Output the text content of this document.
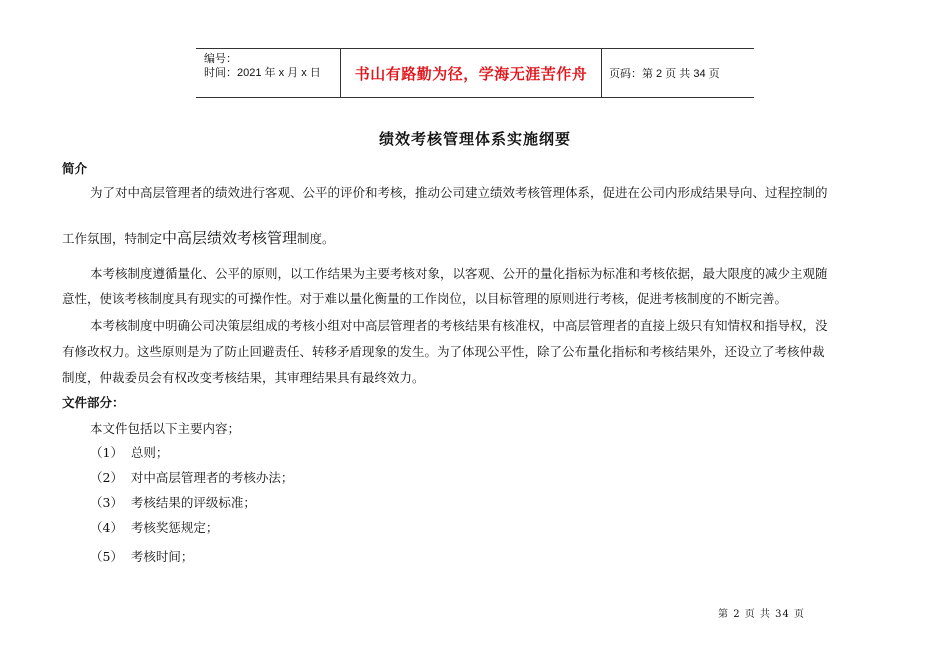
编号：
时间：2021 年 x 月 x 日	书山有路勤为径，学海无涯苦作舟 页码：第 2 页 共 34 页
绩效考核管理体系实施纲要
简介
为了对中高层管理者的绩效进行客观、公平的评价和考核，推动公司建立绩效考核管理体系，促进在公司内形成结果导向、过程控制的
工作氛围，特制定中高层绩效考核管理制度。
本考核制度遵循量化、公平的原则，以工作结果为主要考核对象，以客观、公开的量化指标为标准和考核依据，最大限度的减少主观随
意性，使该考核制度具有现实的可操作性。对于难以量化衡量的工作岗位，以目标管理的原则进行考核，促进考核制度的不断完善。
本考核制度中明确公司决策层组成的考核小组对中高层管理者的考核结果有核准权，中高层管理者的直接上级只有知情权和指导权，没
有修改权力。这些原则是为了防止回避责任、转移矛盾现象的发生。为了体现公平性，除了公布量化指标和考核结果外，还设立了考核仲裁
制度，仲裁委员会有权改变考核结果，其审理结果具有最终效力。
文件部分：
本文件包括以下主要内容；
（1） 总则；
（2） 对中高层管理者的考核办法；
（3） 考核结果的评级标准；
（4） 考核奖惩规定；
（5） 考核时间；
第 2 页 共 34 页
